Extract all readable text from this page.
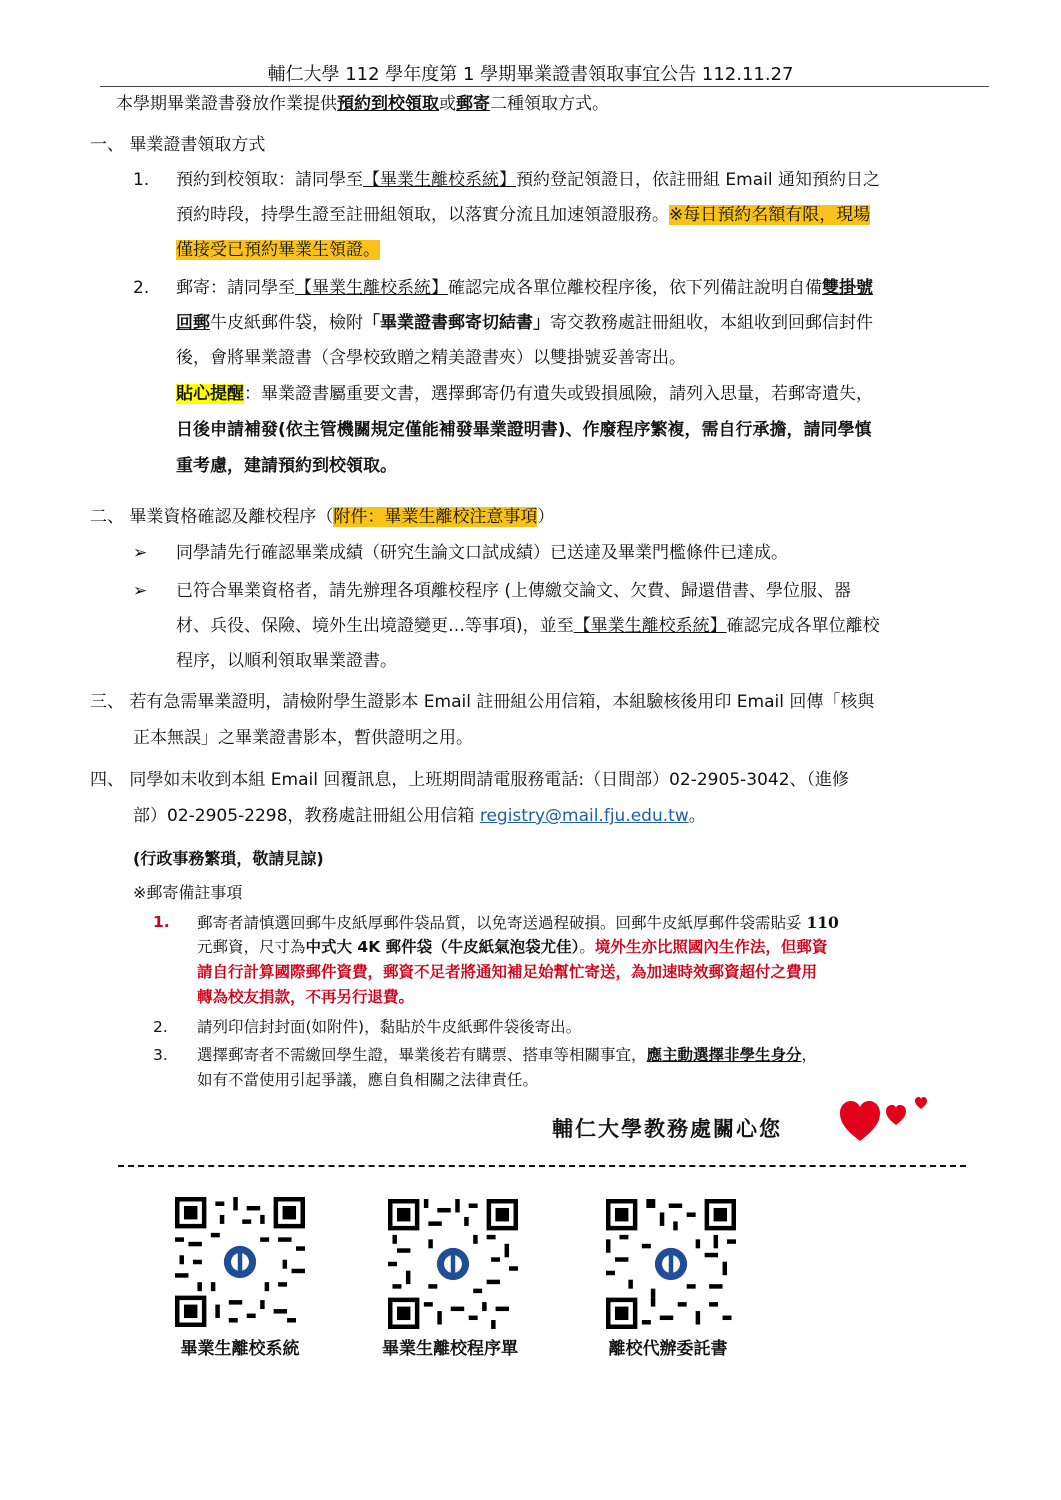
輔仁大學 112 學年度第 1 學期畢業證書領取事宜公告 112.11.27
本學期畢業證書發放作業提供預約到校領取或郵寄二種領取方式。
一、 畢業證書領取方式
1. 預約到校領取：請同學至【畢業生離校系統】預約登記領證日，依註冊組 Email 通知預約日之
預約時段，持學生證至註冊組領取，以落實分流且加速領證服務。※每日預約名額有限，現場
僅接受已預約畢業生領證。
2. 郵寄：請同學至【畢業生離校系統】確認完成各單位離校程序後，依下列備註說明自備雙掛號
回郵牛皮紙郵件袋，檢附「畢業證書郵寄切結書」寄交教務處註冊組收，本組收到回郵信封件
後，會將畢業證書（含學校致贈之精美證書夾）以雙掛號妥善寄出。
貼心提醒：畢業證書屬重要文書，選擇郵寄仍有遺失或毀損風險，請列入思量，若郵寄遺失，
日後申請補發(依主管機關規定僅能補發畢業證明書)、作廢程序繁複，需自行承擔，請同學慎
重考慮，建請預約到校領取。
二、 畢業資格確認及離校程序（附件：畢業生離校注意事項）
➢ 同學請先行確認畢業成績（研究生論文口試成績）已送達及畢業門檻條件已達成。
➢ 已符合畢業資格者，請先辦理各項離校程序 (上傳繳交論文、欠費、歸還借書、學位服、器
材、兵役、保險、境外生出境證變更…等事項)，並至【畢業生離校系統】確認完成各單位離校
程序，以順利領取畢業證書。
三、 若有急需畢業證明，請檢附學生證影本 Email 註冊組公用信箱，本組驗核後用印 Email 回傳「核與
正本無誤」之畢業證書影本，暫供證明之用。
四、 同學如未收到本組 Email 回覆訊息，上班期間請電服務電話:（日間部）02-2905-3042、（進修
部）02-2905-2298，教務處註冊組公用信箱 registry@mail.fju.edu.tw。
(行政事務繁瑣，敬請見諒)
※郵寄備註事項
1. 郵寄者請慎選回郵牛皮紙厚郵件袋品質，以免寄送過程破損。回郵牛皮紙厚郵件袋需貼妥 110
元郵資，尺寸為中式大 4K 郵件袋（牛皮紙氣泡袋尤佳）。境外生亦比照國內生作法，但郵資
請自行計算國際郵件資費，郵資不足者將通知補足始幫忙寄送，為加速時效郵資超付之費用
轉為校友捐款，不再另行退費。
2. 請列印信封封面(如附件)，黏貼於牛皮紙郵件袋後寄出。
3. 選擇郵寄者不需繳回學生證，畢業後若有購票、搭車等相關事宜，應主動選擇非學生身分，
如有不當使用引起爭議，應自負相關之法律責任。
輔仁大學教務處關心您
畢業生離校系統	畢業生離校程序單	離校代辦委託書
